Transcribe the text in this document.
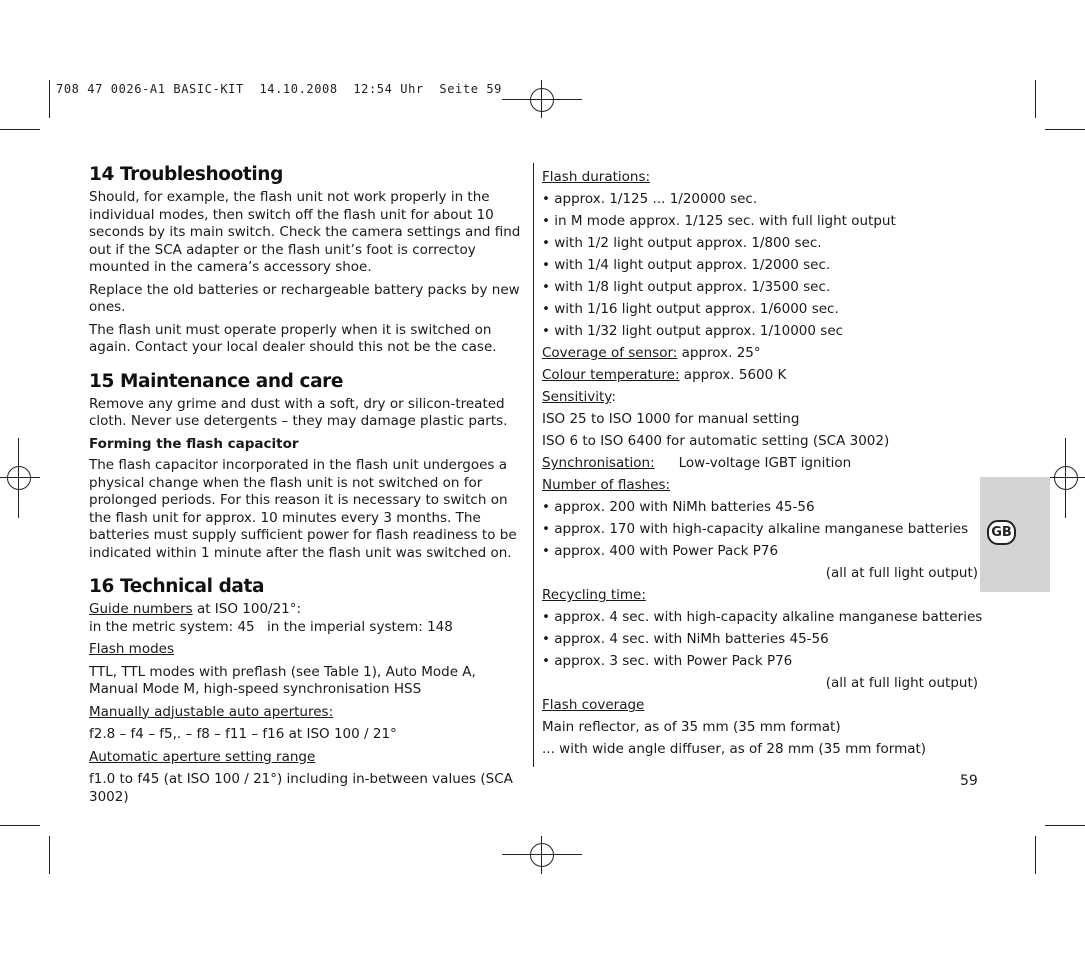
708 47 0026-A1 BASIC-KIT  14.10.2008  12:54 Uhr  Seite 59
14 Troubleshooting

Should, for example, the flash unit not work properly in the individual modes, then switch off the flash unit for about 10 seconds by its main switch. Check the camera settings and find out if the SCA adapter or the flash unit’s foot is correctoy mounted in the camera’s accessory shoe.

Replace the old batteries or rechargeable battery packs by new ones.

The flash unit must operate properly when it is switched on again. Contact your local dealer should this not be the case.

15 Maintenance and care

Remove any grime and dust with a soft, dry or silicon-treated cloth. Never use detergents – they may damage plastic parts.

Forming the flash capacitor

The flash capacitor incorporated in the flash unit undergoes a physical change when the flash unit is not switched on for prolonged periods. For this reason it is necessary to switch on the flash unit for approx. 10 minutes every 3 months. The batteries must supply sufficient power for flash readiness to be indicated within 1 minute after the flash unit was switched on.

16 Technical data

Guide numbers at ISO 100/21°:

in the metric system: 45 in the imperial system: 148

Flash modes

TTL, TTL modes with preflash (see Table 1), Auto Mode A, Manual Mode M, high-speed synchronisation HSS

Manually adjustable auto apertures:

f2.8 – f4 – f5,. – f8 – f11 – f16 at ISO 100 / 21°

Automatic aperture setting range

f1.0 to f45 (at ISO 100 / 21°) including in-between values (SCA 3002)

Flash durations:
• approx. 1/125 ... 1/20000 sec.
• in M mode approx. 1/125 sec. with full light output
• with 1/2 light output approx. 1/800 sec.
• with 1/4 light output approx. 1/2000 sec.
• with 1/8 light output approx. 1/3500 sec.
• with 1/16 light output approx. 1/6000 sec.
• with 1/32 light output approx. 1/10000 sec
Coverage of sensor: approx. 25°
Colour temperature: approx. 5600 K
Sensitivity:
ISO 25 to ISO 1000 for manual setting
ISO 6 to ISO 6400 for automatic setting (SCA 3002)
Synchronisation: Low-voltage IGBT ignition
Number of flashes:
• approx. 200 with NiMh batteries 45-56
• approx. 170 with high-capacity alkaline manganese batteries
• approx. 400 with Power Pack P76
(all at full light output)
Recycling time:
• approx. 4 sec. with high-capacity alkaline manganese batteries
• approx. 4 sec. with NiMh batteries 45-56
• approx. 3 sec. with Power Pack P76
(all at full light output)
Flash coverage
Main reflector, as of 35 mm (35 mm format)
... with wide angle diffuser, as of 28 mm (35 mm format)
GB
59
